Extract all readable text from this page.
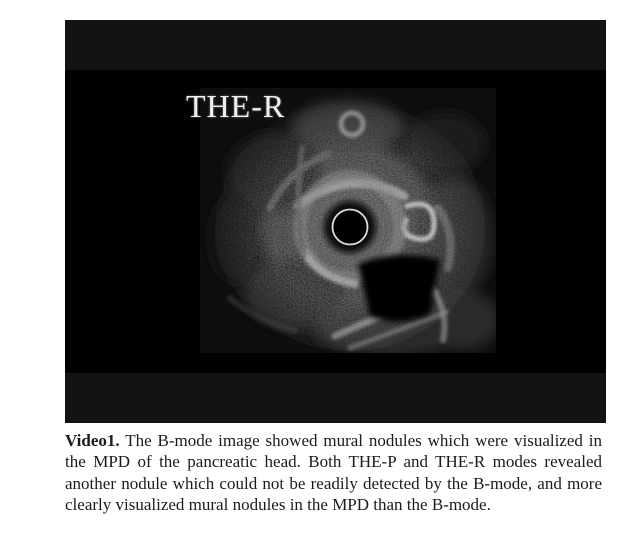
THE-R

Video1. The B-mode image showed mural nodules which were visualized in the MPD of the pancreatic head. Both THE-P and THE-R modes revealed another nodule which could not be readily detected by the B-mode, and more clearly visualized mural nodules in the MPD than the B-mode.
